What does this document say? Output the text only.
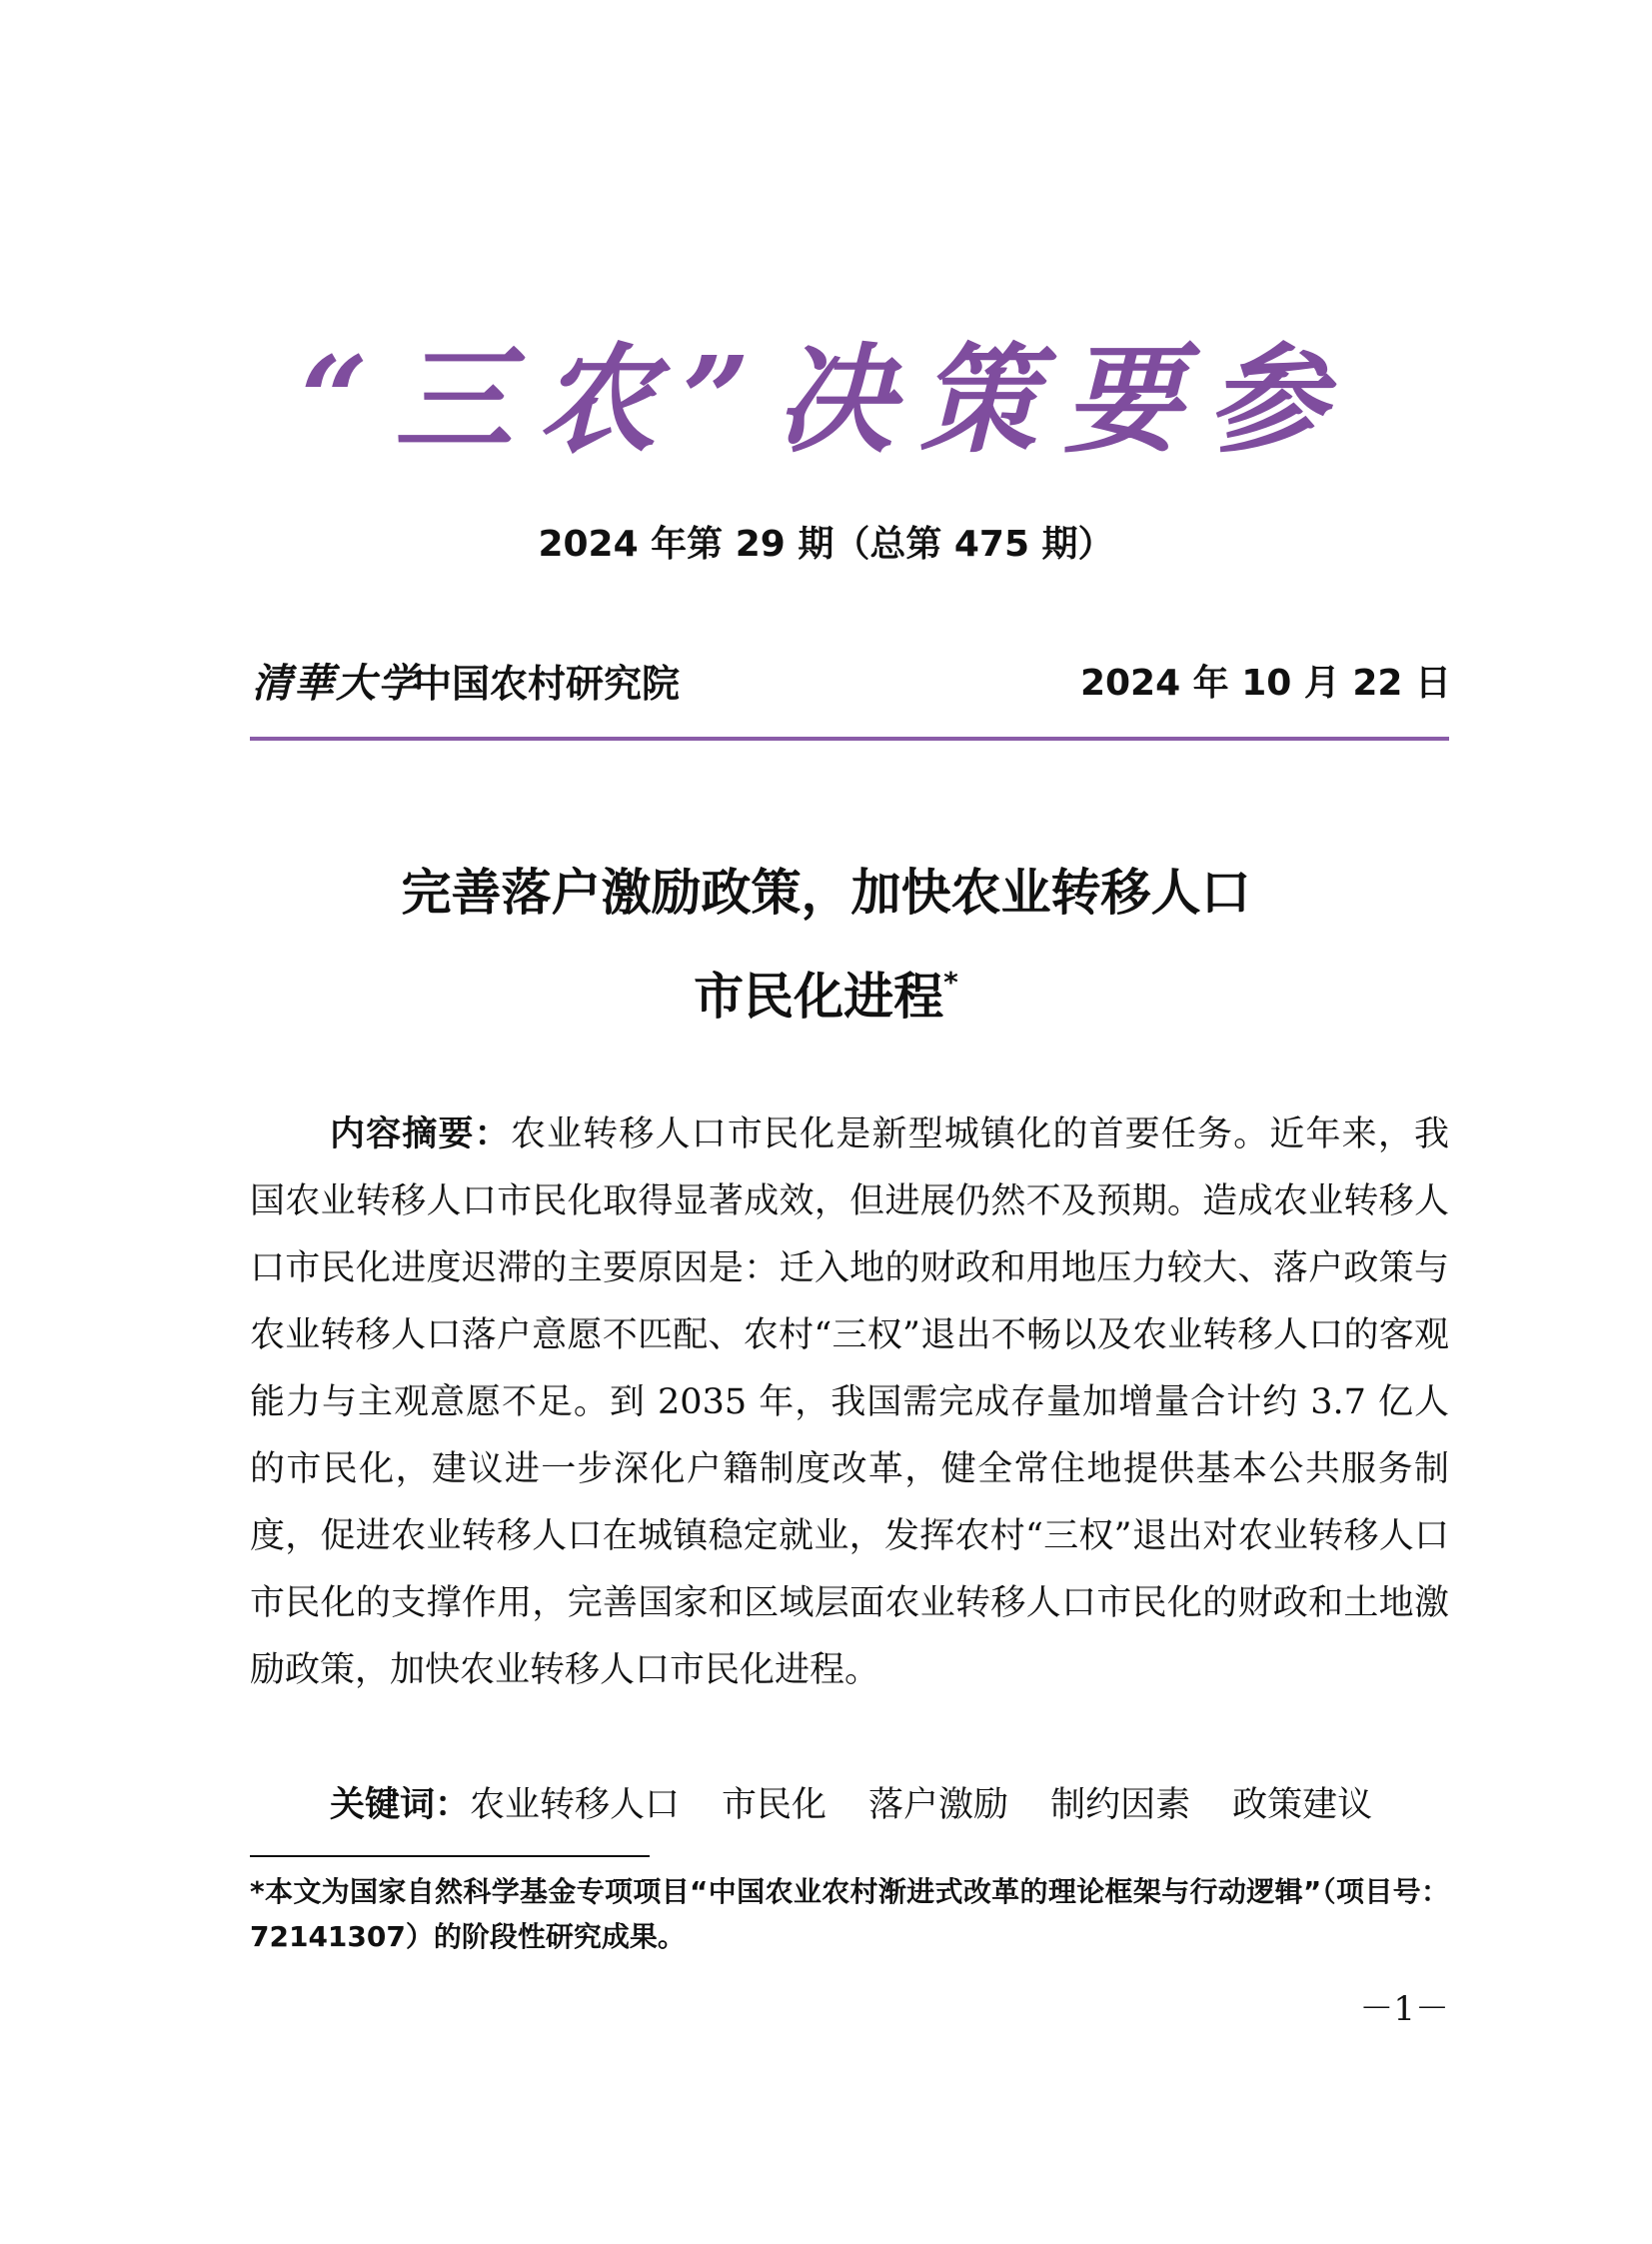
“三农”决策要参
2024 年第 29 期（总第 475 期）
清華大学
中国农村研究院	2024 年 10 月 22 日
完善落户激励政策，加快农业转移人口
市民化进程*
内容摘要：农业转移人口市民化是新型城镇化的首要任务。近年来，我国农业转移人口市民化取得显著成效，但进展仍然不及预期。造成农业转移人口市民化进度迟滞的主要原因是：迁入地的财政和用地压力较大、落户政策与农业转移人口落户意愿不匹配、农村“三权”退出不畅以及农业转移人口的客观能力与主观意愿不足。到 2035 年，我国需完成存量加增量合计约 3.7 亿人的市民化，建议进一步深化户籍制度改革，健全常住地提供基本公共服务制度，促进农业转移人口在城镇稳定就业，发挥农村“三权”退出对农业转移人口市民化的支撑作用，完善国家和区域层面农业转移人口市民化的财政和土地激励政策，加快农业转移人口市民化进程。
关键词：农业转移人口 市民化 落户激励 制约因素 政策建议
*本文为国家自然科学基金专项项目“中国农业农村渐进式改革的理论框架与行动逻辑”（项目号：72141307）的阶段性研究成果。
－1－
